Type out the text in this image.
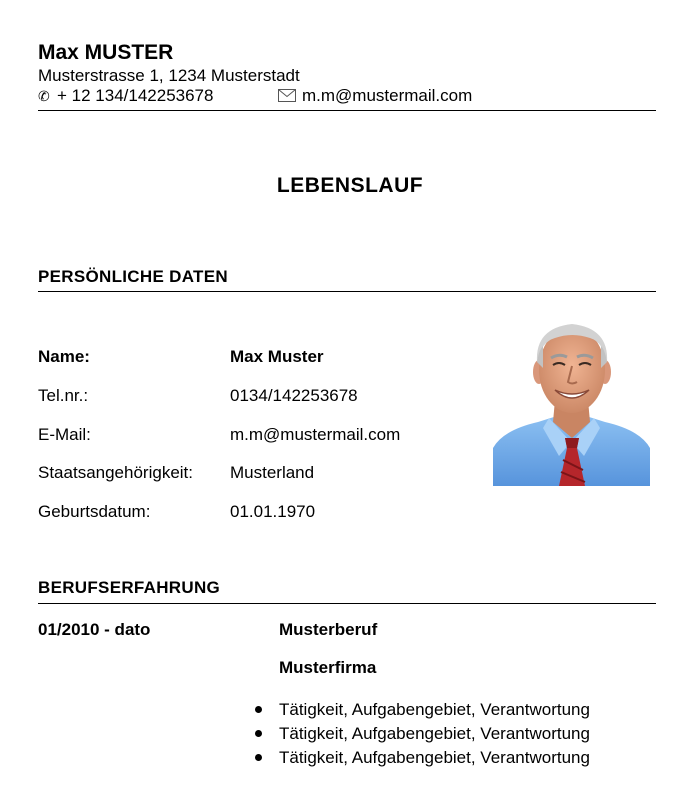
Max MUSTER
Musterstrasse 1, 1234 Musterstadt
✆ + 12 134/142253678	m.m@mustermail.com
LEBENSLAUF
PERSÖNLICHE DATEN
Name:	Max Muster
Tel.nr.:	0134/142253678
E-Mail:	m.m@mustermail.com
Staatsangehörigkeit: Musterland
Geburtsdatum:	01.01.1970
BERUFSERFAHRUNG
01/2010 - dato	Musterberuf
Musterfirma
Tätigkeit, Aufgabengebiet, Verantwortung
Tätigkeit, Aufgabengebiet, Verantwortung
Tätigkeit, Aufgabengebiet, Verantwortung
